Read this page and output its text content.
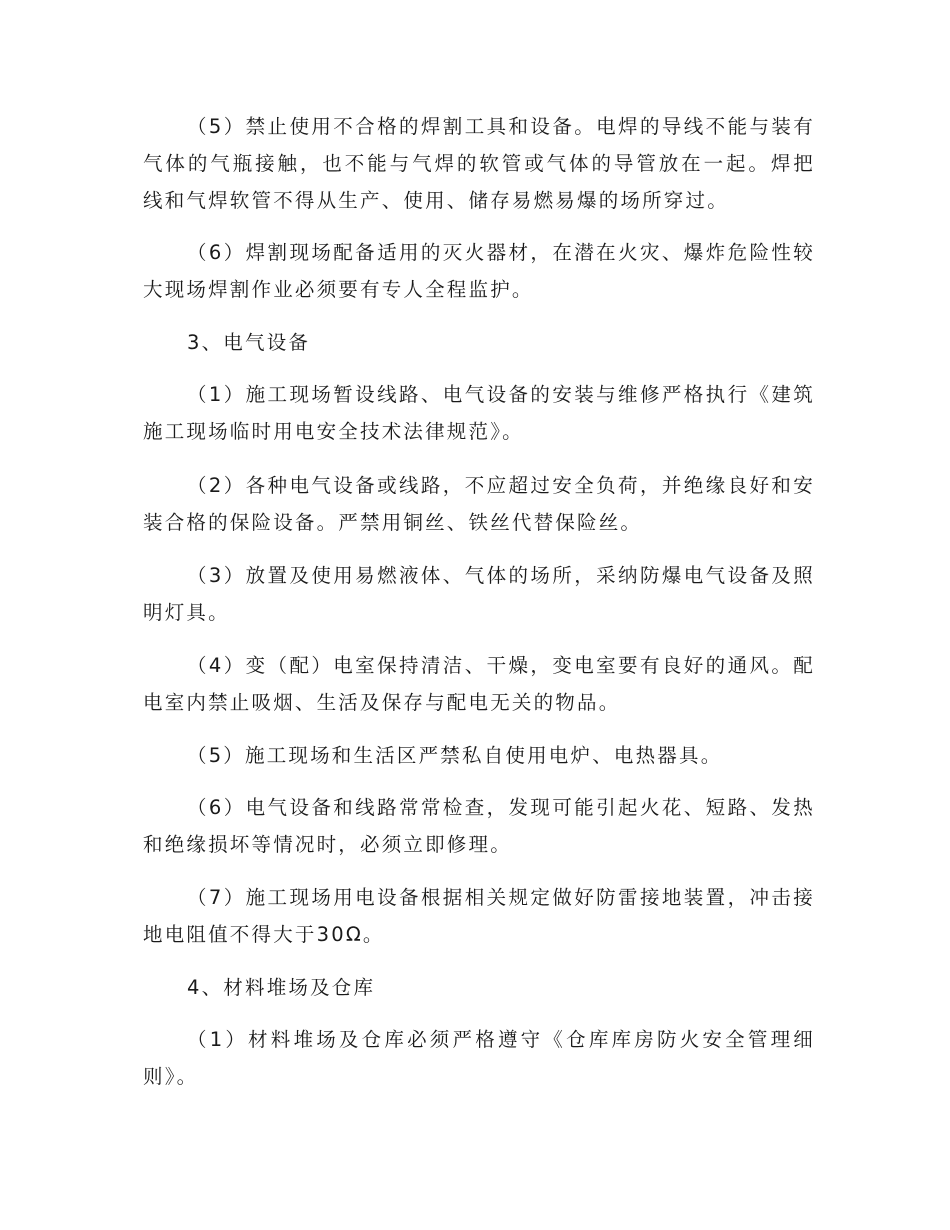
（5）禁止使用不合格的焊割工具和设备。电焊的导线不能与装有气体的气瓶接触，也不能与气焊的软管或气体的导管放在一起。焊把线和气焊软管不得从生产、使用、储存易燃易爆的场所穿过。

（6）焊割现场配备适用的灭火器材，在潜在火灾、爆炸危险性较大现场焊割作业必须要有专人全程监护。

3、电气设备

（1）施工现场暂设线路、电气设备的安装与维修严格执行《建筑施工现场临时用电安全技术法律规范》。

（2）各种电气设备或线路，不应超过安全负荷，并绝缘良好和安装合格的保险设备。严禁用铜丝、铁丝代替保险丝。

（3）放置及使用易燃液体、气体的场所，采纳防爆电气设备及照明灯具。

（4）变（配）电室保持清洁、干燥，变电室要有良好的通风。配电室内禁止吸烟、生活及保存与配电无关的物品。

（5）施工现场和生活区严禁私自使用电炉、电热器具。

（6）电气设备和线路常常检查，发现可能引起火花、短路、发热和绝缘损坏等情况时，必须立即修理。

（7）施工现场用电设备根据相关规定做好防雷接地装置，冲击接地电阻值不得大于30Ω。

4、材料堆场及仓库

（1）材料堆场及仓库必须严格遵守《仓库库房防火安全管理细则》。
